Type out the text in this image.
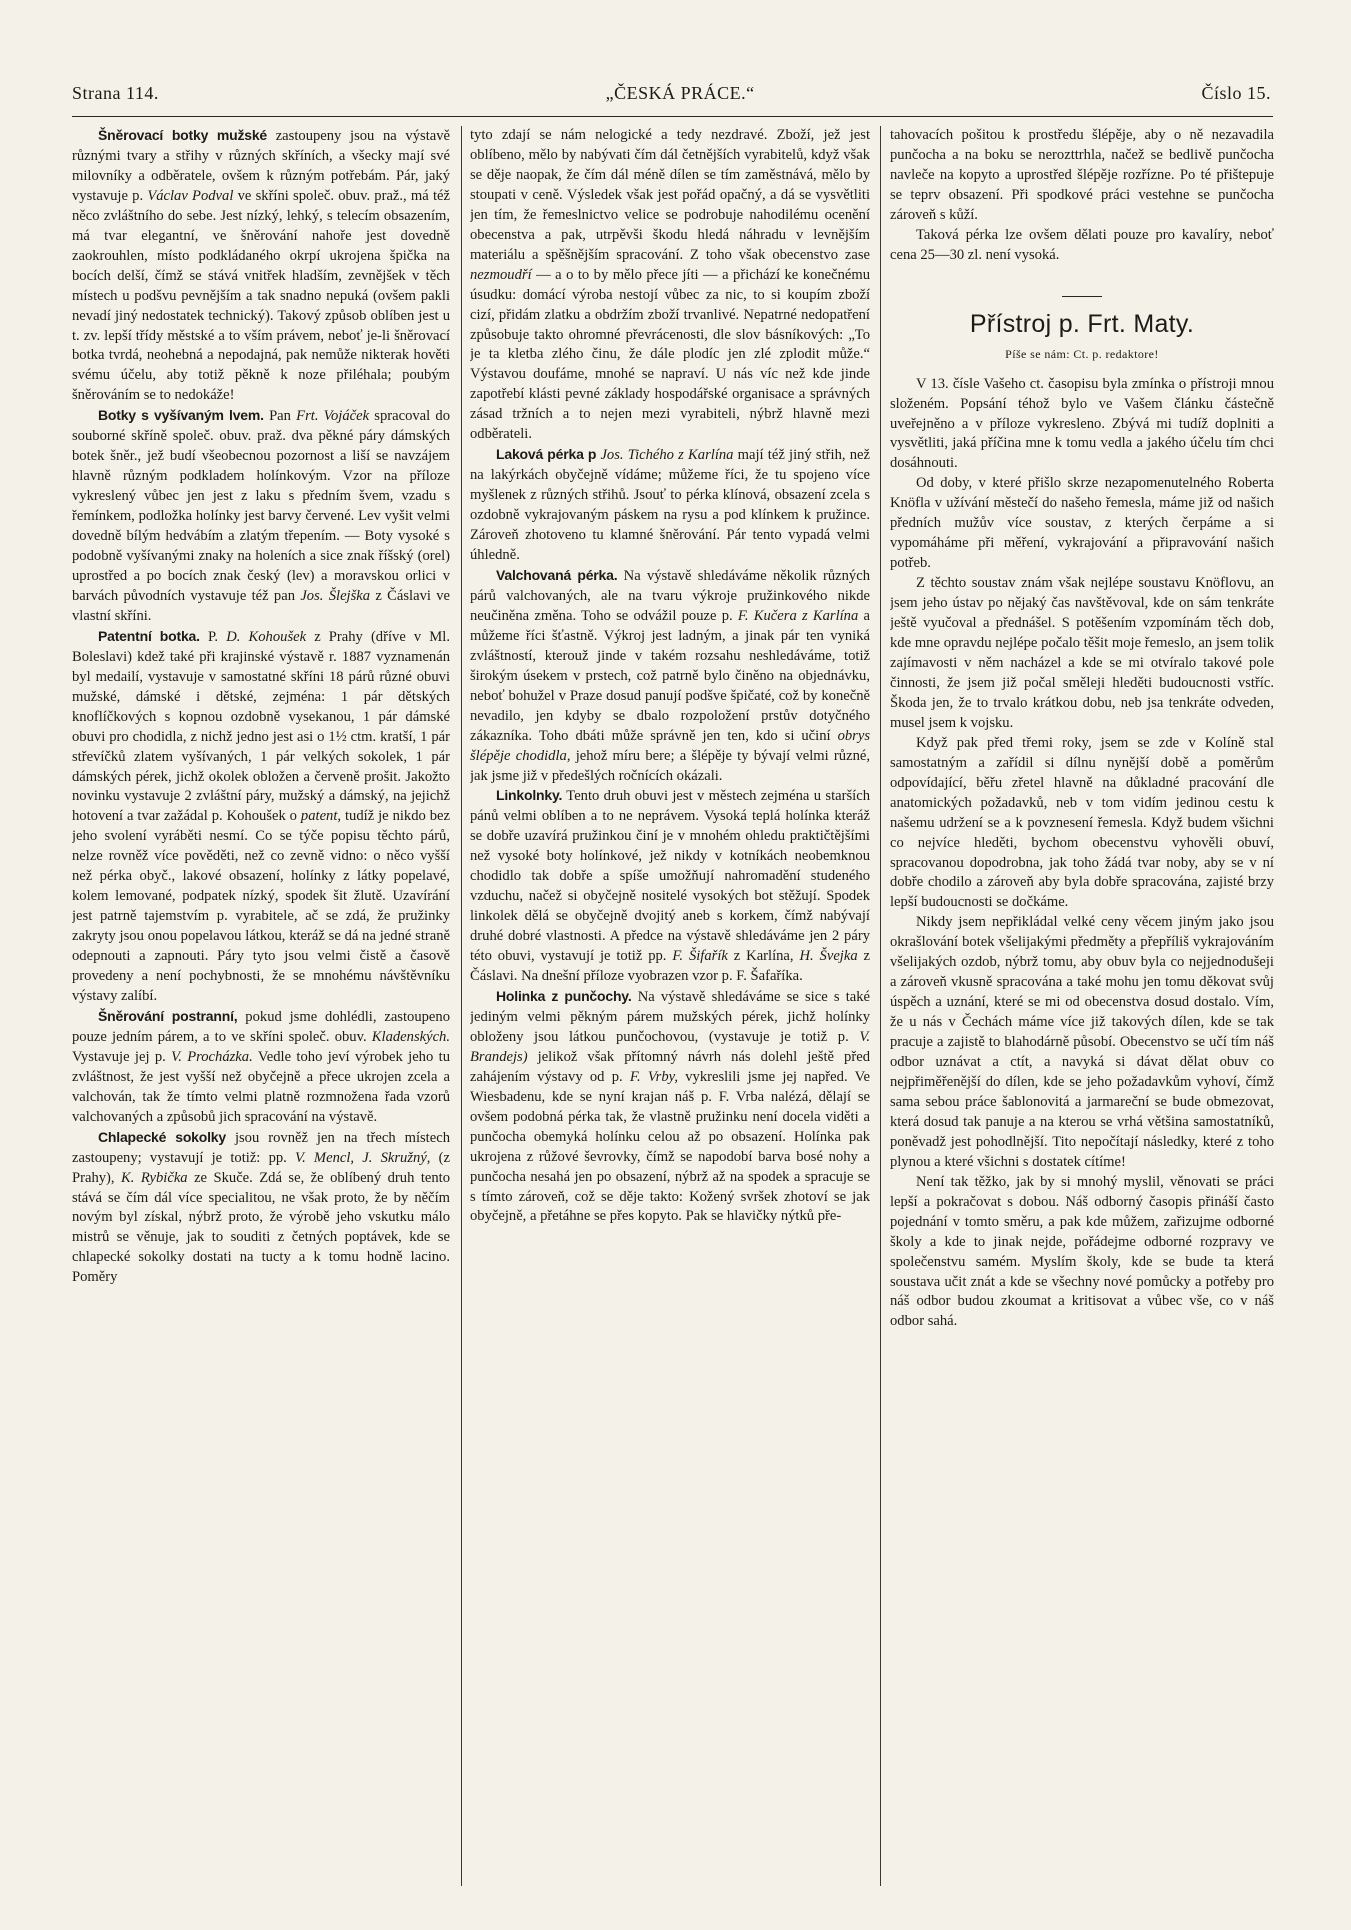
Strana 114.	„ČESKÁ PRÁCE.“	Číslo 15.

Šněrovací botky mužské zastoupeny jsou na výstavě různými tvary a střihy v různých skříních, a všecky mají své milovníky a odběratele, ovšem k různým potřebám. Pár, jaký vystavuje p. Václav Podval ve skříni společ. obuv. praž., má též něco zvláštního do sebe. Jest nízký, lehký, s telecím obsazením, má tvar elegantní, ve šněrování nahoře jest dovedně zaokrouhlen, místo podkládaného okrpí ukrojena špička na bocích delší, čímž se stává vnitřek hladším, zevnějšek v těch místech u podšvu pevnějším a tak snadno nepuká (ovšem pakli nevadí jiný nedostatek technický). Takový způsob oblíben jest u t. zv. lepší třídy městské a to vším právem, neboť je-li šněrovací botka tvrdá, neohebná a nepodajná, pak nemůže nikterak hověti svému účelu, aby totiž pěkně k noze přiléhala; poubým šněrováním se to nedokáže!

Botky s vyšívaným lvem. Pan Frt. Vojáček spracoval do souborné skříně společ. obuv. praž. dva pěkné páry dámských botek šněr., jež budí všeobecnou pozornost a liší se navzájem hlavně různým podkladem holínkovým. Vzor na příloze vykreslený vůbec jen jest z laku s předním švem, vzadu s řemínkem, podložka holínky jest barvy červené. Lev vyšit velmi dovedně bílým hedvábím a zlatým třepením. — Boty vysoké s podobně vyšívanými znaky na holeních a sice znak říšský (orel) uprostřed a po bocích znak český (lev) a moravskou orlici v barvách původních vystavuje též pan Jos. Šlejška z Čáslavi ve vlastní skříni.

Patentní botka. P. D. Kohoušek z Prahy (dříve v Ml. Boleslavi) kdež také při krajinské výstavě r. 1887 vyznamenán byl medailí, vystavuje v samostatné skříni 18 párů různé obuvi mužské, dámské i dětské, zejména: 1 pár dětských knoflíčkových s kopnou ozdobně vysekanou, 1 pár dámské obuvi pro chodidla, z nichž jedno jest asi o 1½ ctm. kratší, 1 pár střevíčků zlatem vyšívaných, 1 pár velkých sokolek, 1 pár dámských pérek, jichž okolek obložen a červeně prošit. Jakožto novinku vystavuje 2 zvláštní páry, mužský a dámský, na jejichž hotovení a tvar zažádal p. Kohoušek o patent, tudíž je nikdo bez jeho svolení vyráběti nesmí. Co se týče popisu těchto párů, nelze rovněž více pověděti, než co zevně vidno: o něco vyšší než pérka obyč., lakové obsazení, holínky z látky popelavé, kolem lemované, podpatek nízký, spodek šit žlutě. Uzavírání jest patrně tajemstvím p. vyrabitele, ač se zdá, že pružinky zakryty jsou onou popelavou látkou, kteráž se dá na jedné straně odepnouti a zapnouti. Páry tyto jsou velmi čistě a časově provedeny a není pochybnosti, že se mnohému návštěvníku výstavy zalíbí.

Šněrování postranní, pokud jsme dohlédli, zastoupeno pouze jedním párem, a to ve skříni společ. obuv. Kladenských. Vystavuje jej p. V. Procházka. Vedle toho jeví výrobek jeho tu zvláštnost, že jest vyšší než obyčejně a přece ukrojen zcela a valchován, tak že tímto velmi platně rozmnožena řada vzorů valchovaných a způsobů jich spracování na výstavě.

Chlapecké sokolky jsou rovněž jen na třech místech zastoupeny; vystavují je totiž: pp. V. Mencl, J. Skružný, (z Prahy), K. Rybička ze Skuče. Zdá se, že oblíbený druh tento stává se čím dál více specialitou, ne však proto, že by něčím novým byl získal, nýbrž proto, že výrobě jeho vskutku málo mistrů se věnuje, jak to souditi z četných poptávek, kde se chlapecké sokolky dostati na tucty a k tomu hodně lacino. Poměry

tyto zdají se nám nelogické a tedy nezdravé. Zboží, jež jest oblíbeno, mělo by nabývati čím dál četnějších vyrabitelů, když však se děje naopak, že čím dál méně dílen se tím zaměstnává, mělo by stoupati v ceně. Výsledek však jest pořád opačný, a dá se vysvětliti jen tím, že řemeslnictvo velice se podrobuje nahodilému ocenění obecenstva a pak, utrpěvši škodu hledá náhradu v levnějším materiálu a spěšnějším spracování. Z toho však obecenstvo zase nezmoudří — a o to by mělo přece jíti — a přichází ke konečnému úsudku: domácí výroba nestojí vůbec za nic, to si koupím zboží cizí, přidám zlatku a obdržím zboží trvanlivé. Nepatrné nedopatření způsobuje takto ohromné převrácenosti, dle slov básníkových: „To je ta kletba zlého činu, že dále plodíc jen zlé zplodit může.“ Výstavou doufáme, mnohé se napraví. U nás víc než kde jinde zapotřebí klásti pevné základy hospodářské organisace a správných zásad tržních a to nejen mezi vyrabiteli, nýbrž hlavně mezi odběrateli.

Laková pérka p Jos. Tichého z Karlína mají též jiný střih, než na lakýrkách obyčejně vídáme; můžeme říci, že tu spojeno více myšlenek z různých střihů. Jsouť to pérka klínová, obsazení zcela s ozdobně vykrajovaným páskem na rysu a pod klínkem k pružince. Zároveň zhotoveno tu klamné šněrování. Pár tento vypadá velmi úhledně.

Valchovaná pérka. Na výstavě shledáváme několik různých párů valchovaných, ale na tvaru výkroje pružinkového nikde neučiněna změna. Toho se odvážil pouze p. F. Kučera z Karlína a můžeme říci šťastně. Výkroj jest ladným, a jinak pár ten vyniká zvláštností, kterouž jinde v takém rozsahu neshledáváme, totiž širokým úsekem v prstech, což patrně bylo činěno na objednávku, neboť bohužel v Praze dosud panují podšve špičaté, což by konečně nevadilo, jen kdyby se dbalo rozpoložení prstův dotyčného zákazníka. Toho dbáti může správně jen ten, kdo si učiní obrys šlépěje chodidla, jehož míru bere; a šlépěje ty bývají velmi různé, jak jsme již v předešlých ročnících okázali.

Linkolnky. Tento druh obuvi jest v městech zejména u starších pánů velmi oblíben a to ne neprávem. Vysoká teplá holínka kteráž se dobře uzavírá pružinkou činí je v mnohém ohledu praktičtějšími než vysoké boty holínkové, jež nikdy v kotníkách neobemknou chodidlo tak dobře a spíše umožňují nahromadění studeného vzduchu, načež si obyčejně nositelé vysokých bot stěžují. Spodek linkolek dělá se obyčejně dvojitý aneb s korkem, čímž nabývají druhé dobré vlastnosti. A předce na výstavě shledáváme jen 2 páry této obuvi, vystavují je totiž pp. F. Šifařík z Karlína, H. Švejka z Čáslavi. Na dnešní příloze vyobrazen vzor p. F. Šafaříka.

Holinka z punčochy. Na výstavě shledáváme se sice s také jediným velmi pěkným párem mužských pérek, jichž holínky obloženy jsou látkou punčochovou, (vystavuje je totiž p. V. Brandejs) jelikož však přítomný návrh nás dolehl ještě před zahájením výstavy od p. F. Vrby, vykreslili jsme jej napřed. Ve Wiesbadenu, kde se nyní krajan náš p. F. Vrba nalézá, dělají se ovšem podobná pérka tak, že vlastně pružinku není docela viděti a punčocha obemyká holínku celou až po obsazení. Holínka pak ukrojena z růžové ševrovky, čímž se napodobí barva bosé nohy a punčocha nesahá jen po obsazení, nýbrž až na spodek a spracuje se s tímto zároveň, což se děje takto: Kožený svršek zhotoví se jak obyčejně, a přetáhne se přes kopyto. Pak se hlavičky nýtků pře-

tahovacích pošitou k prostředu šlépěje, aby o ně nezavadila punčocha a na boku se nerozttrhla, načež se bedlivě punčocha navleče na kopyto a uprostřed šlépěje rozřízne. Po té přištepuje se teprv obsazení. Při spodkové práci vestehne se punčocha zároveň s kůží.

Taková pérka lze ovšem dělati pouze pro kavalíry, neboť cena 25—30 zl. není vysoká.

Přístroj p. Frt. Maty.

Píše se nám: Ct. p. redaktore!

V 13. čísle Vašeho ct. časopisu byla zmínka o přístroji mnou složeném. Popsání téhož bylo ve Vašem článku částečně uveřejněno a v příloze vykresleno. Zbývá mi tudíž doplniti a vysvětliti, jaká příčina mne k tomu vedla a jakého účelu tím chci dosáhnouti.

Od doby, v které přišlo skrze nezapomenutelného Roberta Knöfla v užívání městečí do našeho řemesla, máme již od našich předních mužův více soustav, z kterých čerpáme a si vypomáháme při měření, vykrajování a připravování našich potřeb.

Z těchto soustav znám však nejlépe soustavu Knöflovu, an jsem jeho ústav po nějaký čas navštěvoval, kde on sám tenkráte ještě vyučoval a přednášel. S potěšením vzpomínám těch dob, kde mne opravdu nejlépe počalo těšit moje řemeslo, an jsem tolik zajímavosti v něm nacházel a kde se mi otvíralo takové pole činnosti, že jsem již počal směleji hleděti budoucnosti vstříc. Škoda jen, že to trvalo krátkou dobu, neb jsa tenkráte odveden, musel jsem k vojsku.

Když pak před třemi roky, jsem se zde v Kolíně stal samostatným a zařídil si dílnu nynější době a poměrům odpovídající, běřu zřetel hlavně na důkladné pracování dle anatomických požadavků, neb v tom vidím jedinou cestu k našemu udržení se a k povznesení řemesla. Když budem všichni co nejvíce hleděti, bychom obecenstvu vyhověli obuví, spracovanou dopodrobna, jak toho žádá tvar noby, aby se v ní dobře chodilo a zároveň aby byla dobře spracována, zajisté brzy lepší budoucnosti se dočkáme.

Nikdy jsem nepřikládal velké ceny věcem jiným jako jsou okrašlování botek všelijakými předměty a přepříliš vykrajováním všelijakých ozdob, nýbrž tomu, aby obuv byla co nejjednodušeji a zároveň vkusně spracována a také mohu jen tomu děkovat svůj úspěch a uznání, které se mi od obecenstva dosud dostalo. Vím, že u nás v Čechách máme více již takových dílen, kde se tak pracuje a zajistě to blahodárně působí. Obecenstvo se učí tím náš odbor uznávat a ctít, a navyká si dávat dělat obuv co nejpřiměřenější do dílen, kde se jeho požadavkům vyhoví, čímž sama sebou práce šablonovitá a jarmareční se bude obmezovat, která dosud tak panuje a na kterou se vrhá většina samostatníků, poněvadž jest pohodlnější. Tito nepočítají následky, které z toho plynou a které všichni s dostatek cítíme!

Není tak těžko, jak by si mnohý myslil, věnovati se práci lepší a pokračovat s dobou. Náš odborný časopis přináší často pojednání v tomto směru, a pak kde můžem, zařizujme odborné školy a kde to jinak nejde, pořádejme odborné rozpravy ve společenstvu samém. Myslím školy, kde se bude ta která soustava učit znát a kde se všechny nové pomůcky a potřeby pro náš odbor budou zkoumat a kritisovat a vůbec vše, co v náš odbor sahá.
